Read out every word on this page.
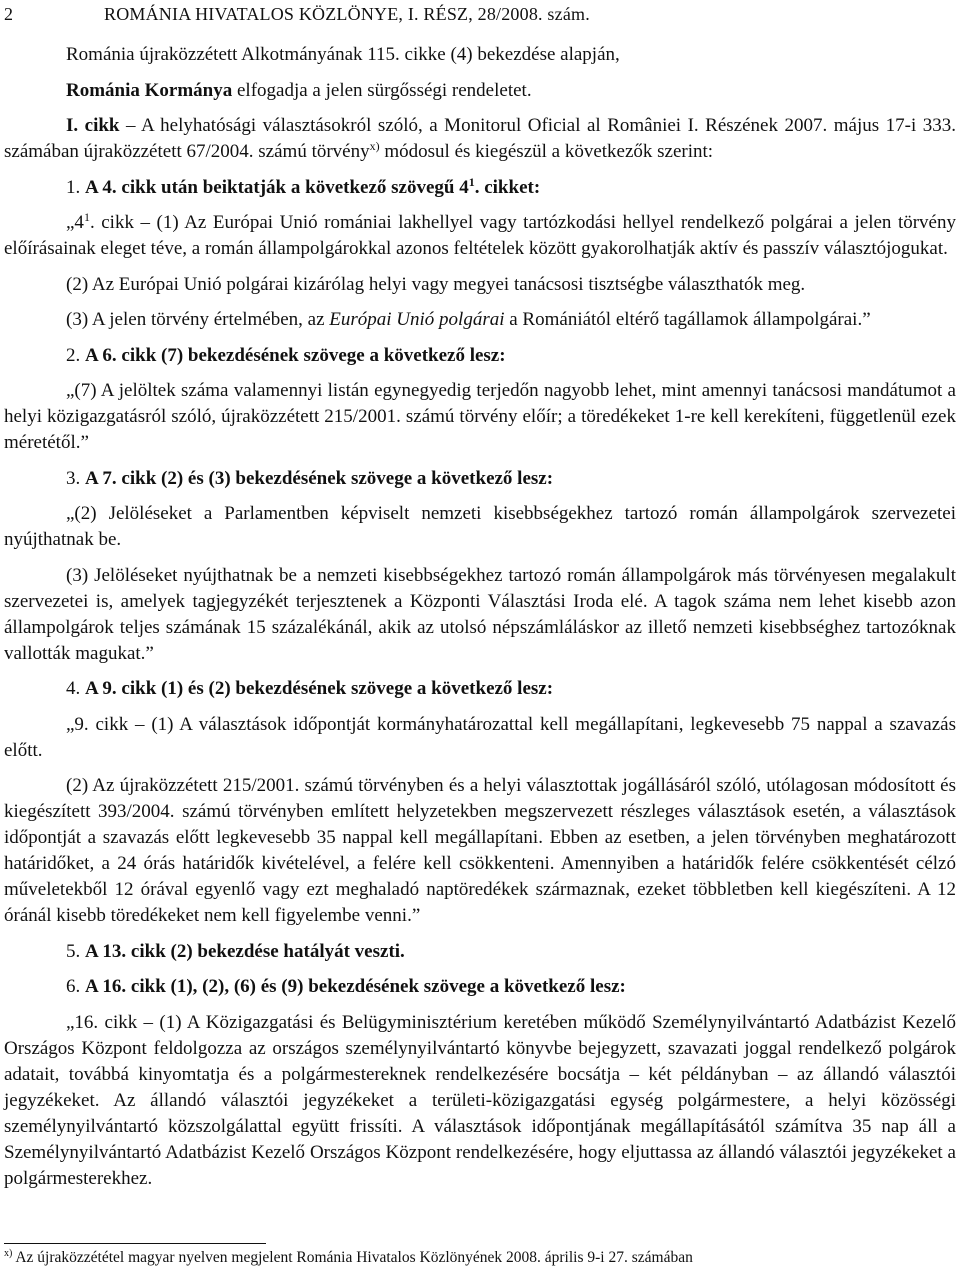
2	ROMÁNIA HIVATALOS KÖZLÖNYE, I. RÉSZ, 28/2008. szám.

Románia újraközzétett Alkotmányának 115. cikke (4) bekezdése alapján,

Románia Kormánya elfogadja a jelen sürgősségi rendeletet.

I. cikk – A helyhatósági választásokról szóló, a Monitorul Oficial al României I. Részének 2007. május 17-i 333. számában újraközzétett 67/2004. számú törvény$^{x)}$ módosul és kiegészül a következők szerint:

1. A 4. cikk után beiktatják a következő szövegű $4^1$. cikket:

$„4^1$. cikk – (1) Az Európai Unió romániai lakhellyel vagy tartózkodási hellyel rendelkező polgárai a jelen törvény előírásainak eleget téve, a román állampolgárokkal azonos feltételek között gyakorolhatják aktív és passzív választójogukat.

(2) Az Európai Unió polgárai kizárólag helyi vagy megyei tanácsosi tisztségbe választhatók meg.

(3) A jelen törvény értelmében, az Európai Unió polgárai a Romániától eltérő tagállamok állampolgárai.”

2. A 6. cikk (7) bekezdésének szövege a következő lesz:

„(7) A jelöltek száma valamennyi listán egynegyedig terjedőn nagyobb lehet, mint amennyi tanácsosi mandátumot a helyi közigazgatásról szóló, újraközzétett 215/2001. számú törvény előír; a töredékeket 1-re kell kerekíteni, függetlenül ezek méretétől.”

3. A 7. cikk (2) és (3) bekezdésének szövege a következő lesz:

„(2) Jelöléseket a Parlamentben képviselt nemzeti kisebbségekhez tartozó román állampolgárok szervezetei nyújthatnak be.

(3) Jelöléseket nyújthatnak be a nemzeti kisebbségekhez tartozó román állampolgárok más törvényesen megalakult szervezetei is, amelyek tagjegyzékét terjesztenek a Központi Választási Iroda elé. A tagok száma nem lehet kisebb azon állampolgárok teljes számának 15 százalékánál, akik az utolsó népszámláláskor az illető nemzeti kisebbséghez tartozóknak vallották magukat.”

4. A 9. cikk (1) és (2) bekezdésének szövege a következő lesz:

„9. cikk – (1) A választások időpontját kormányhatározattal kell megállapítani, legkevesebb 75 nappal a szavazás előtt.

(2) Az újraközzétett 215/2001. számú törvényben és a helyi választottak jogállásáról szóló, utólagosan módosított és kiegészített 393/2004. számú törvényben említett helyzetekben megszervezett részleges választások esetén, a választások időpontját a szavazás előtt legkevesebb 35 nappal kell megállapítani. Ebben az esetben, a jelen törvényben meghatározott határidőket, a 24 órás határidők kivételével, a felére kell csökkenteni. Amennyiben a határidők felére csökkentését célzó műveletekből 12 órával egyenlő vagy ezt meghaladó naptöredékek származnak, ezeket többletben kell kiegészíteni. A 12 óránál kisebb töredékeket nem kell figyelembe venni.”

5. A 13. cikk (2) bekezdése hatályát veszti.

6. A 16. cikk (1), (2), (6) és (9) bekezdésének szövege a következő lesz:

„16. cikk – (1) A Közigazgatási és Belügyminisztérium keretében működő Személynyilvántartó Adatbázist Kezelő Országos Központ feldolgozza az országos személynyilvántartó könyvbe bejegyzett, szavazati joggal rendelkező polgárok adatait, továbbá kinyomtatja és a polgármestereknek rendelkezésére bocsátja – két példányban – az állandó választói jegyzékeket. Az állandó választói jegyzékeket a területi-közigazgatási egység polgármestere, a helyi közösségi személynyilvántartó közszolgálattal együtt frissíti. A választások időpontjának megállapításától számítva 35 nap áll a Személynyilvántartó Adatbázist Kezelő Országos Központ rendelkezésére, hogy eljuttassa az állandó választói jegyzékeket a polgármesterekhez.

$^{x)}$ Az újraközzététel magyar nyelven megjelent Románia Hivatalos Közlönyének 2008. április 9-i 27. számában
